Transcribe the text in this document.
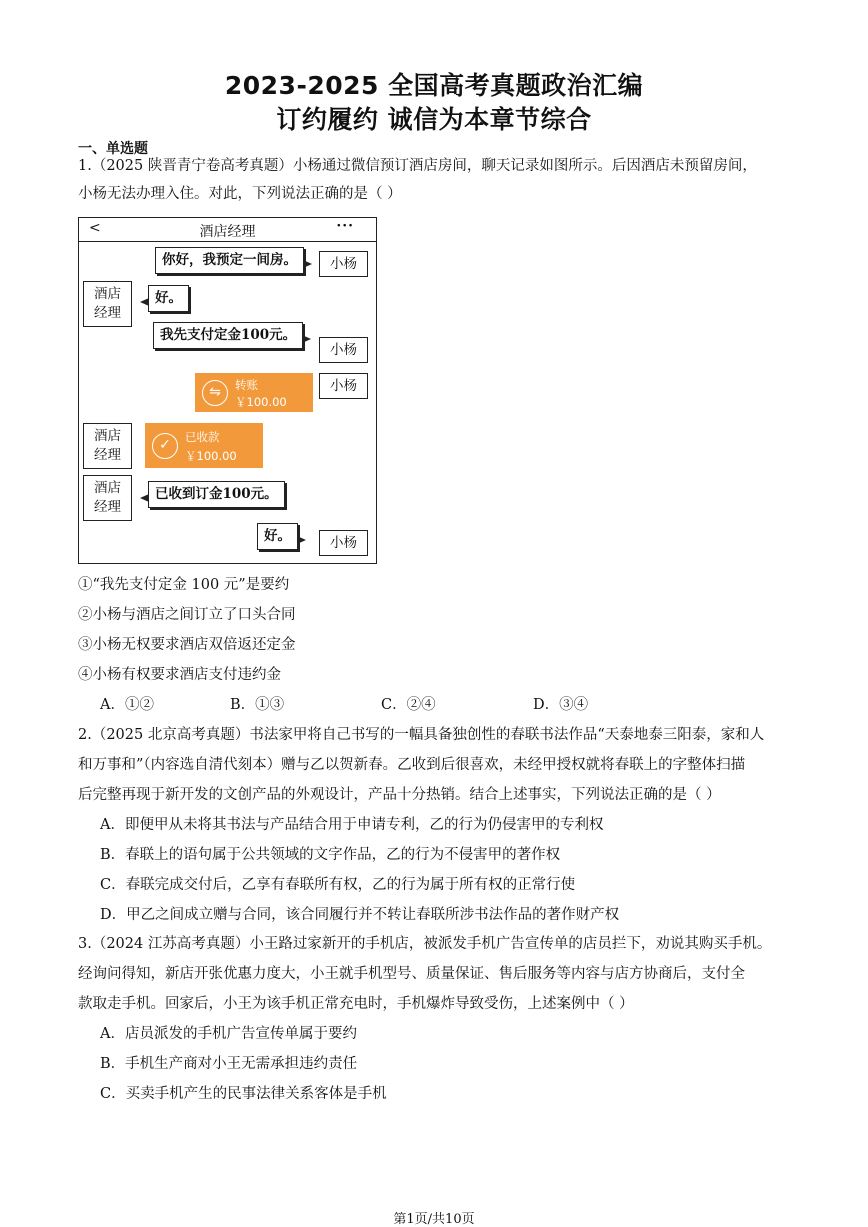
2023-2025 全国高考真题政治汇编
订约履约 诚信为本章节综合
一、单选题
1.（2025 陕晋青宁卷高考真题）小杨通过微信预订酒店房间，聊天记录如图所示。后因酒店未预留房间，
小杨无法办理入住。对此，下列说法正确的是（ ）
<	酒店经理	···
你好，我预定一间房。	小杨
酒店
经理
好。
我先支付定金100元。
小杨
⇋	转账
￥100.00
小杨
酒店
经理
✓	已收款
￥100.00
酒店
经理
已收到订金100元。
好。	小杨
①“我先支付定金 100 元”是要约
②小杨与酒店之间订立了口头合同
③小杨无权要求酒店双倍返还定金
④小杨有权要求酒店支付违约金
A．①②	B．①③	C．②④	D．③④
2.（2025 北京高考真题）书法家甲将自己书写的一幅具备独创性的春联书法作品“天泰地泰三阳泰，家和人
和万事和”（内容选自清代刻本）赠与乙以贺新春。乙收到后很喜欢，未经甲授权就将春联上的字整体扫描
后完整再现于新开发的文创产品的外观设计，产品十分热销。结合上述事实，下列说法正确的是（ ）
A．即便甲从未将其书法与产品结合用于申请专利，乙的行为仍侵害甲的专利权
B．春联上的语句属于公共领域的文字作品，乙的行为不侵害甲的著作权
C．春联完成交付后，乙享有春联所有权，乙的行为属于所有权的正常行使
D．甲乙之间成立赠与合同，该合同履行并不转让春联所涉书法作品的著作财产权
3.（2024 江苏高考真题）小王路过家新开的手机店，被派发手机广告宣传单的店员拦下，劝说其购买手机。
经询问得知，新店开张优惠力度大，小王就手机型号、质量保证、售后服务等内容与店方协商后，支付全
款取走手机。回家后，小王为该手机正常充电时，手机爆炸导致受伤，上述案例中（ ）
A．店员派发的手机广告宣传单属于要约
B．手机生产商对小王无需承担违约责任
C．买卖手机产生的民事法律关系客体是手机
第1页/共10页
